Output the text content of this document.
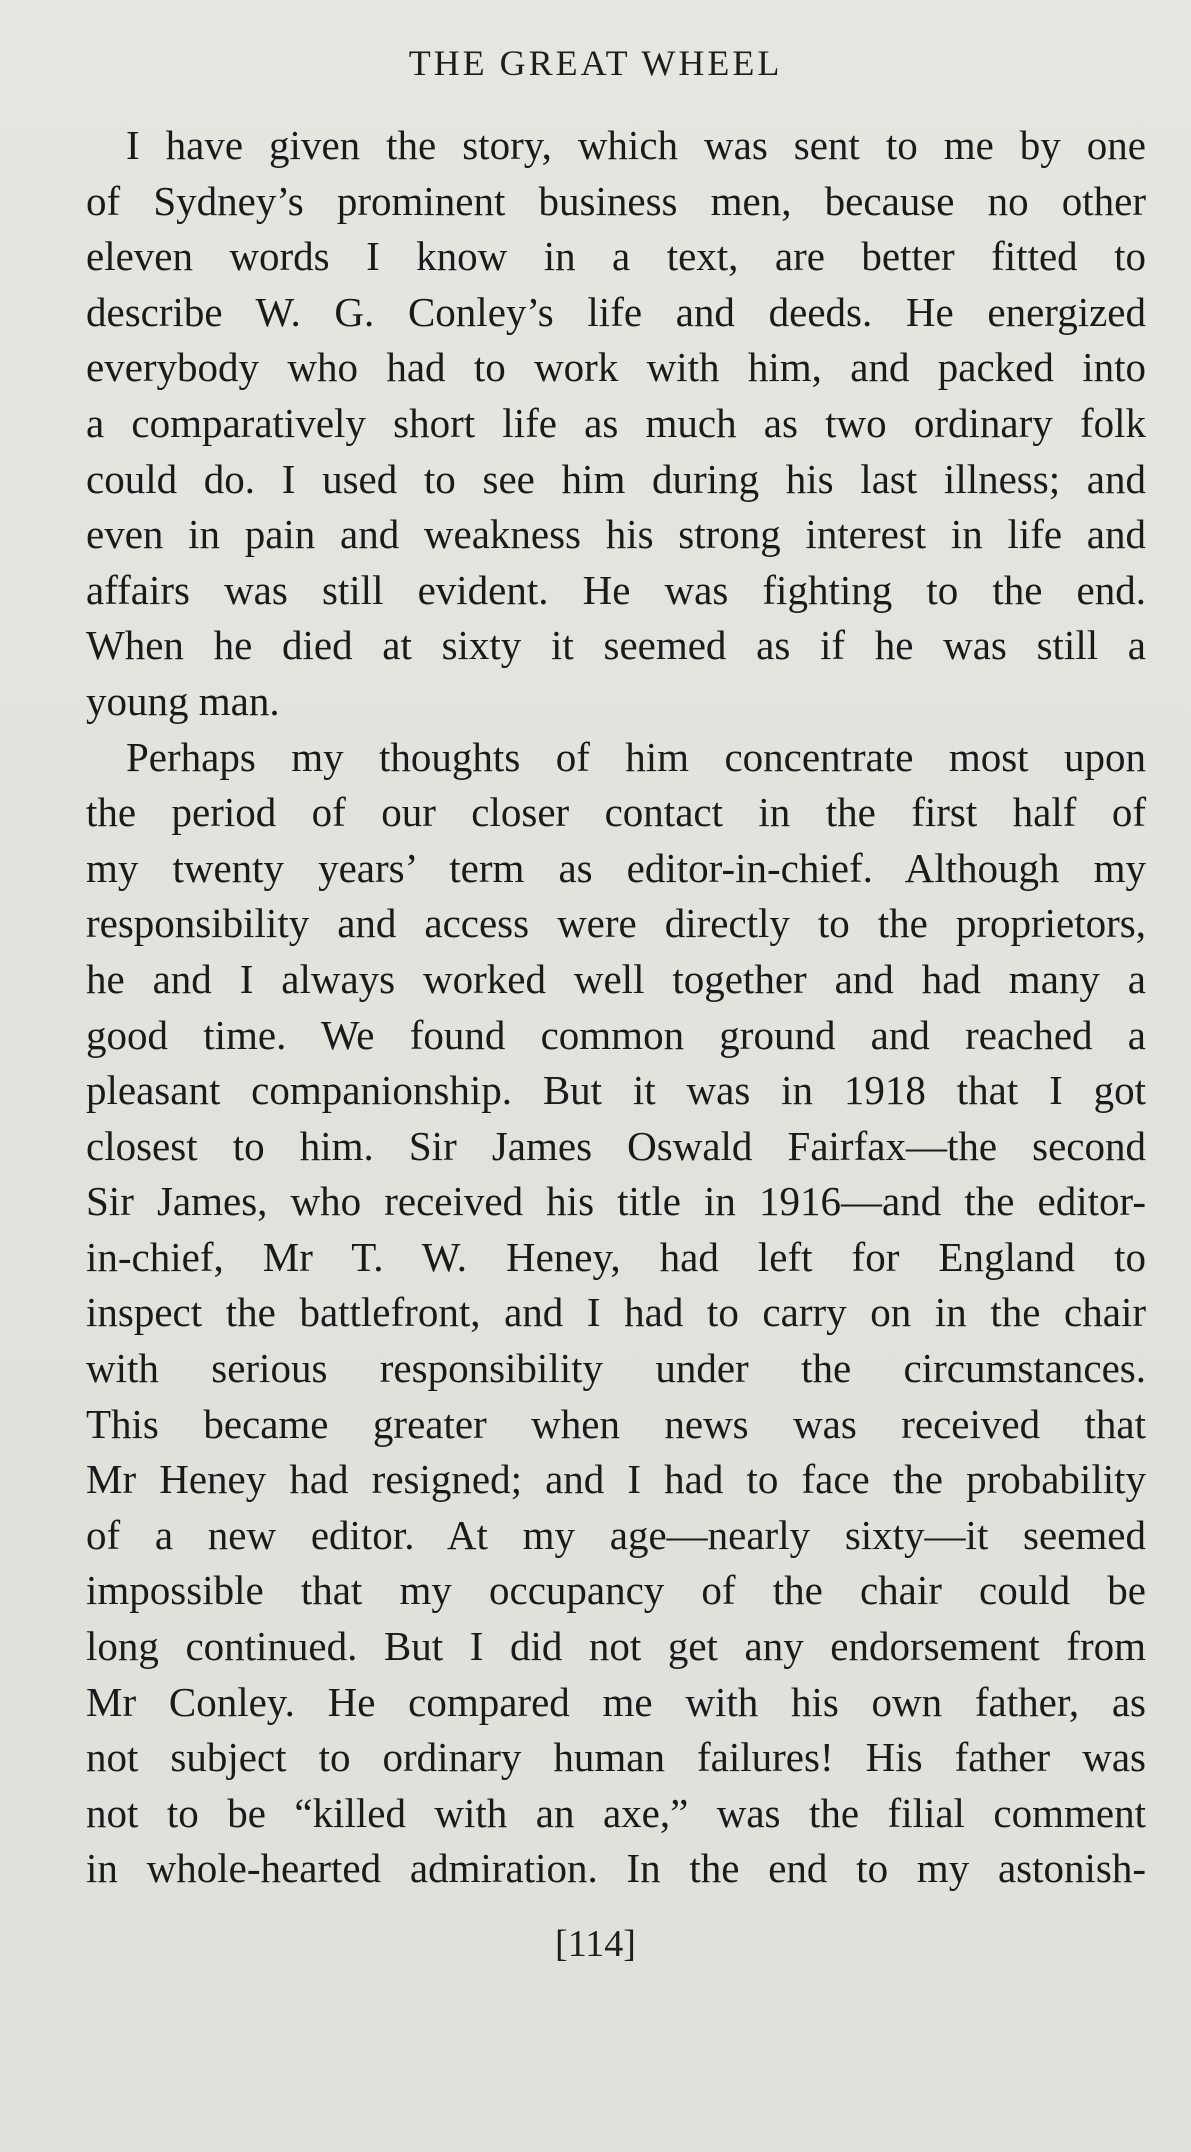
THE GREAT WHEEL
I have given the story, which was sent to me by one
of Sydney’s prominent business men, because no other
eleven words I know in a text, are better fitted to
describe W. G. Conley’s life and deeds. He energized
everybody who had to work with him, and packed into
a comparatively short life as much as two ordinary folk
could do. I used to see him during his last illness; and
even in pain and weakness his strong interest in life and
affairs was still evident. He was fighting to the end.
When he died at sixty it seemed as if he was still a
young man.
Perhaps my thoughts of him concentrate most upon
the period of our closer contact in the first half of
my twenty years’ term as editor-in-chief. Although my
responsibility and access were directly to the proprietors,
he and I always worked well together and had many a
good time. We found common ground and reached a
pleasant companionship. But it was in 1918 that I got
closest to him. Sir James Oswald Fairfax—the second
Sir James, who received his title in 1916—and the editor-
in-chief, Mr T. W. Heney, had left for England to
inspect the battlefront, and I had to carry on in the chair
with serious responsibility under the circumstances.
This became greater when news was received that
Mr Heney had resigned; and I had to face the probability
of a new editor. At my age—nearly sixty—it seemed
impossible that my occupancy of the chair could be
long continued. But I did not get any endorsement from
Mr Conley. He compared me with his own father, as
not subject to ordinary human failures! His father was
not to be “killed with an axe,” was the filial comment
in whole-hearted admiration. In the end to my astonish-
[114]
